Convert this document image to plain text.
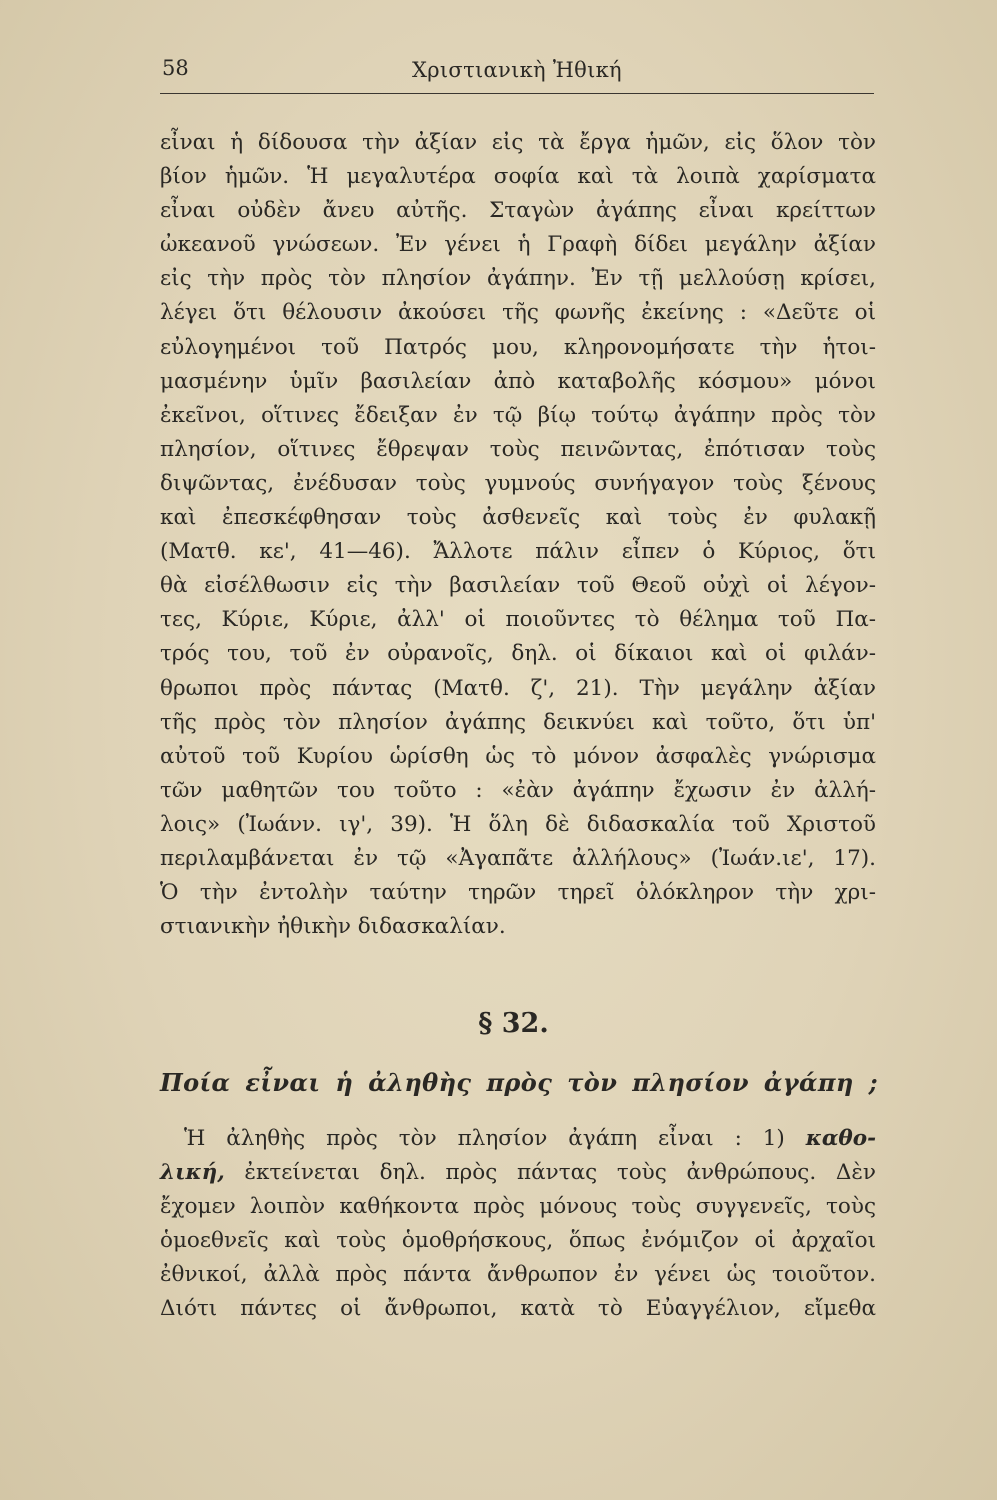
58	Χριστιανικὴ Ἠθική
εἶναι ἡ δίδουσα τὴν ἀξίαν εἰς τὰ ἔργα ἡμῶν, εἰς ὅλον τὸν
βίον ἡμῶν. Ἡ μεγαλυτέρα σοφία καὶ τὰ λοιπὰ χαρίσματα
εἶναι οὐδὲν ἄνευ αὐτῆς. Σταγὼν ἀγάπης εἶναι κρείττων
ὠκεανοῦ γνώσεων. Ἐν γένει ἡ Γραφὴ δίδει μεγάλην ἀξίαν
εἰς τὴν πρὸς τὸν πλησίον ἀγάπην. Ἐν τῇ μελλούσῃ κρίσει,
λέγει ὅτι θέλουσιν ἀκούσει τῆς φωνῆς ἐκείνης : «Δεῦτε οἱ
εὐλογημένοι τοῦ Πατρός μου, κληρονομήσατε τὴν ἡτοι-
μασμένην ὑμῖν βασιλείαν ἀπὸ καταβολῆς κόσμου» μόνοι
ἐκεῖνοι, οἵτινες ἔδειξαν ἐν τῷ βίῳ τούτῳ ἀγάπην πρὸς τὸν
πλησίον, οἵτινες ἔθρεψαν τοὺς πεινῶντας, ἐπότισαν τοὺς
διψῶντας, ἐνέδυσαν τοὺς γυμνούς συνήγαγον τοὺς ξένους
καὶ ἐπεσκέφθησαν τοὺς ἀσθενεῖς καὶ τοὺς ἐν φυλακῇ
(Ματθ. κε', 41—46). Ἄλλοτε πάλιν εἶπεν ὁ Κύριος, ὅτι
θὰ εἰσέλθωσιν εἰς τὴν βασιλείαν τοῦ Θεοῦ οὐχὶ οἱ λέγον-
τες, Κύριε, Κύριε, ἀλλ' οἱ ποιοῦντες τὸ θέλημα τοῦ Πα-
τρός του, τοῦ ἐν οὐρανοῖς, δηλ. οἱ δίκαιοι καὶ οἱ φιλάν-
θρωποι πρὸς πάντας (Ματθ. ζ', 21). Τὴν μεγάλην ἀξίαν
τῆς πρὸς τὸν πλησίον ἀγάπης δεικνύει καὶ τοῦτο, ὅτι ὑπ'
αὐτοῦ τοῦ Κυρίου ὡρίσθη ὡς τὸ μόνον ἀσφαλὲς γνώρισμα
τῶν μαθητῶν του τοῦτο : «ἐὰν ἀγάπην ἔχωσιν ἐν ἀλλή-
λοις» (Ἰωάνν. ιγ', 39). Ἡ ὅλη δὲ διδασκαλία τοῦ Χριστοῦ
περιλαμβάνεται ἐν τῷ «Ἀγαπᾶτε ἀλλήλους» (Ἰωάν.ιε', 17).
Ὁ τὴν ἐντολὴν ταύτην τηρῶν τηρεῖ ὁλόκληρον τὴν χρι-
στιανικὴν ἠθικὴν διδασκαλίαν.
§ 32.
Ποία εἶναι ἡ ἀληθὴς πρὸς τὸν πλησίον ἀγάπη ;
Ἡ ἀληθὴς πρὸς τὸν πλησίον ἀγάπη εἶναι : 1) καθο-
λική, ἐκτείνεται δηλ. πρὸς πάντας τοὺς ἀνθρώπους. Δὲν
ἔχομεν λοιπὸν καθήκοντα πρὸς μόνους τοὺς συγγενεῖς, τοὺς
ὁμοεθνεῖς καὶ τοὺς ὁμοθρήσκους, ὅπως ἐνόμιζον οἱ ἀρχαῖοι
ἐθνικοί, ἀλλὰ πρὸς πάντα ἄνθρωπον ἐν γένει ὡς τοιοῦτον.
Διότι πάντες οἱ ἄνθρωποι, κατὰ τὸ Εὐαγγέλιον, εἴμεθα
